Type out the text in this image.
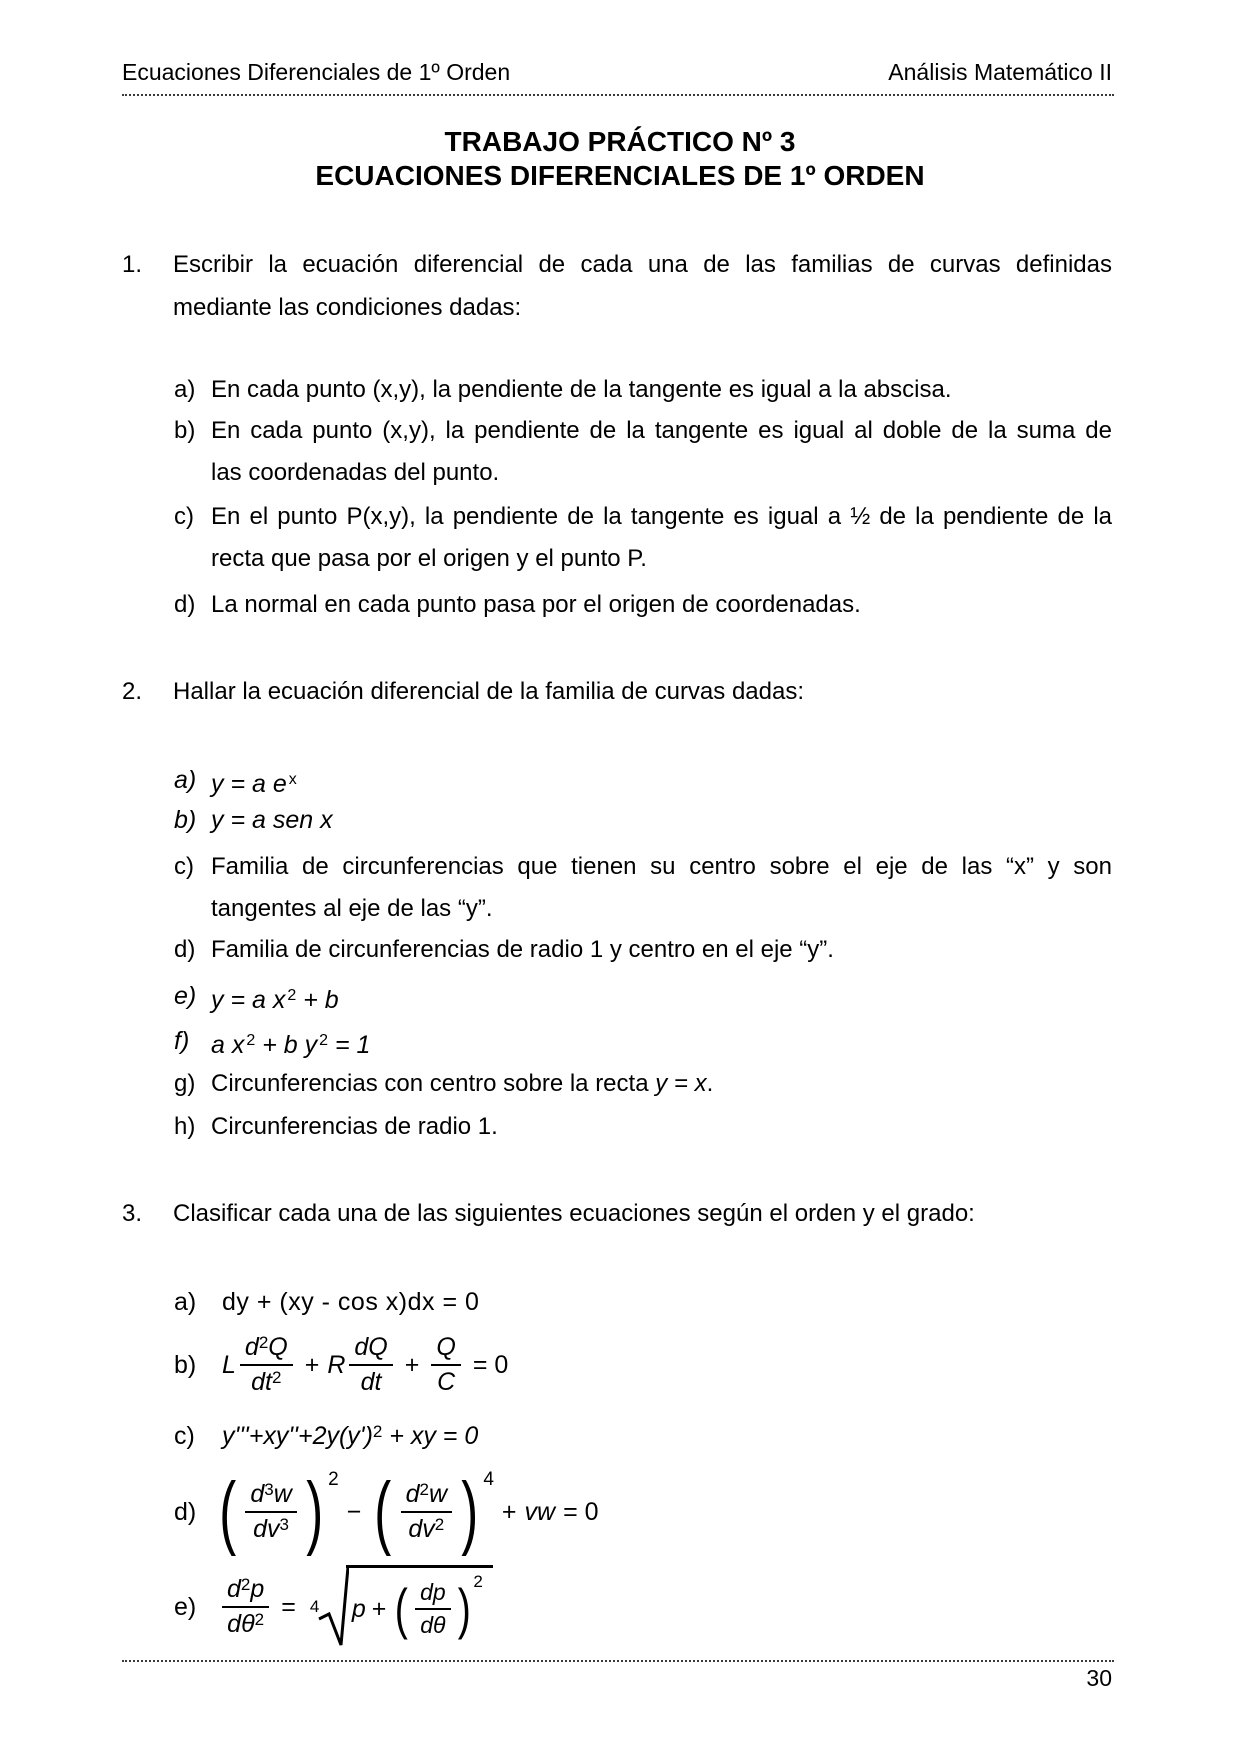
Ecuaciones Diferenciales de 1º Orden	Análisis Matemático II
TRABAJO PRÁCTICO Nº 3
ECUACIONES DIFERENCIALES DE 1º ORDEN
1. Escribir la ecuación diferencial de cada una de las familias de curvas definidas
mediante las condiciones dadas:
a) En cada punto (x,y), la pendiente de la tangente es igual a la abscisa.
b) En cada punto (x,y), la pendiente de la tangente es igual al doble de la suma de
las coordenadas del punto.
c) En el punto P(x,y), la pendiente de la tangente es igual a ½ de la pendiente de la
recta que pasa por el origen y el punto P.
d) La normal en cada punto pasa por el origen de coordenadas.
2. Hallar la ecuación diferencial de la familia de curvas dadas:
a) y = a e $^x$
b) y = a sen x
c) Familia de circunferencias que tienen su centro sobre el eje de las “x” y son
tangentes al eje de las “y”.
d) Familia de circunferencias de radio 1 y centro en el eje “y”.
e) y = a x $^2$ + b
f) a x $^2$ + b y $^2$ = 1
g) Circunferencias con centro sobre la recta y = x.
h) Circunferencias de radio 1.
3. Clasificar cada una de las siguientes ecuaciones según el orden y el grado:
a)	dy + (xy - cos x)dx = 0
b)	L
$d^2Q$
$dt^2 + R$
dQ
dt
+ $\frac{Q}{C} = 0$
c)	$y'''+xy''+2y(y')^2$ + xy = 0
d) ( $d^3w$
$dv^3$ ) 2
− ( $d^2w$
$dv^2$ ) 4
+ vw = 0
e)	$\frac{d^2p}{d\theta^2} = 4$ p + ( dp
dθ ) 2
30
